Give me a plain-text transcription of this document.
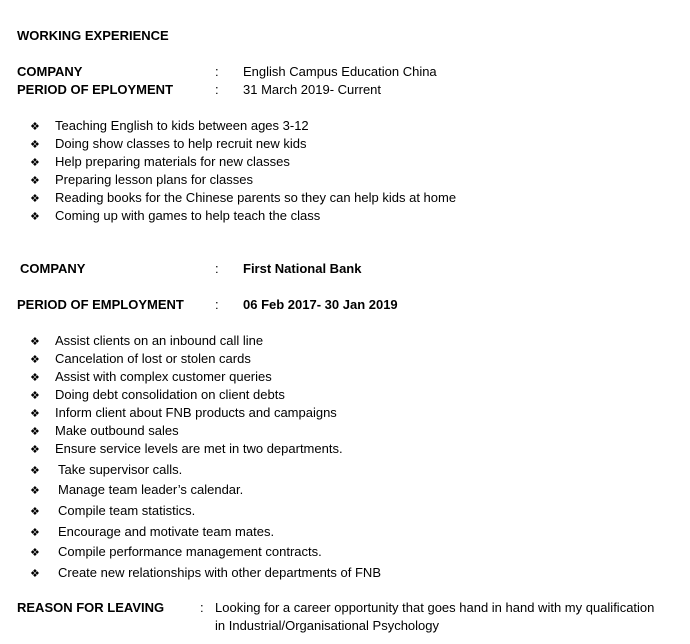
WORKING EXPERIENCE
COMPANY	: English Campus Education China
PERIOD OF EPLOYMENT	: 31 March 2019- Current
❖ Teaching English to kids between ages 3-12
❖ Doing show classes to help recruit new kids
❖ Help preparing materials for new classes
❖ Preparing lesson plans for classes
❖ Reading books for the Chinese parents so they can help kids at home
❖ Coming up with games to help teach the class
COMPANY	: First National Bank
PERIOD OF EMPLOYMENT : 06 Feb 2017- 30 Jan 2019
❖ Assist clients on an inbound call line
❖ Cancelation of lost or stolen cards
❖ Assist with complex customer queries
❖ Doing debt consolidation on client debts
❖ Inform client about FNB products and campaigns
❖ Make outbound sales
❖ Ensure service levels are met in two departments.
❖ Take supervisor calls.
❖ Manage team leader’s calendar.
❖ Compile team statistics.
❖ Encourage and motivate team mates.
❖ Compile performance management contracts.
❖ Create new relationships with other departments of FNB
REASON FOR LEAVING	: Looking for a career opportunity that goes hand in hand with my qualification
in Industrial/Organisational Psychology
